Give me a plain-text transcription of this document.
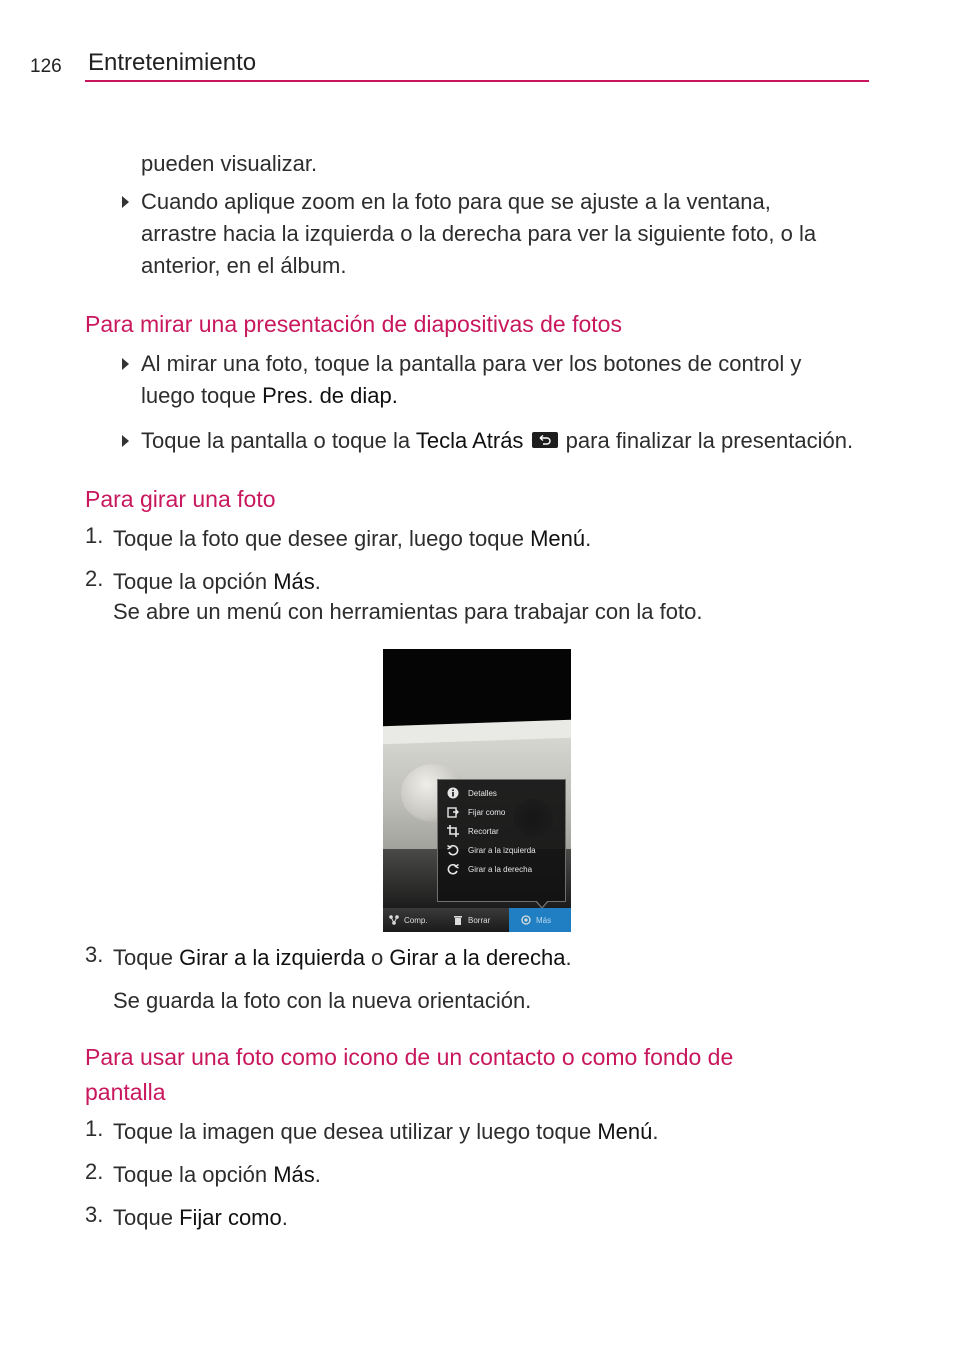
126 Entretenimiento
pueden visualizar.
Cuando aplique zoom en la foto para que se ajuste a la ventana,
arrastre hacia la izquierda o la derecha para ver la siguiente foto, o la
anterior, en el álbum.
Para mirar una presentación de diapositivas de fotos
Al mirar una foto, toque la pantalla para ver los botones de control y
luego toque Pres. de diap.
Toque la pantalla o toque la Tecla Atrás
para finalizar la presentación.
Para girar una foto
1. Toque la foto que desee girar, luego toque Menú.
2. Toque la opción Más.
Se abre un menú con herramientas para trabajar con la foto.
Detalles
Fijar como
Recortar
Girar a la izquierda
Girar a la derecha
Comp.	Borrar	Más
3. Toque Girar a la izquierda o Girar a la derecha.
Se guarda la foto con la nueva orientación.
Para usar una foto como icono de un contacto o como fondo de
pantalla
1. Toque la imagen que desea utilizar y luego toque Menú.
2. Toque la opción Más.
3. Toque Fijar como.
